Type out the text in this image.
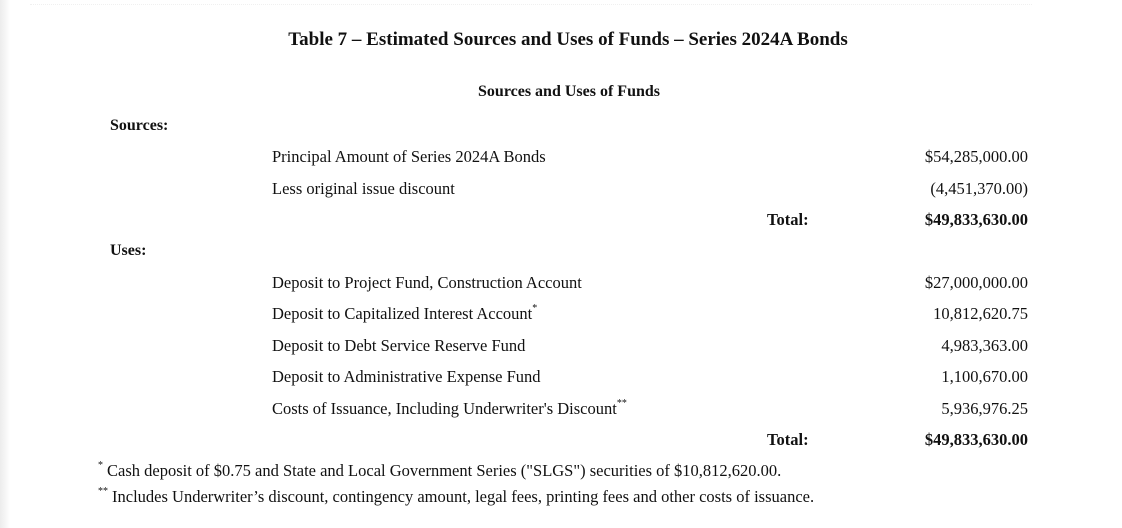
Table 7 – Estimated Sources and Uses of Funds – Series 2024A Bonds
Sources and Uses of Funds
Sources:
Principal Amount of Series 2024A Bonds	$54,285,000.00
Less original issue discount	(4,451,370.00)
Total:	$49,833,630.00
Uses:
Deposit to Project Fund, Construction Account	$27,000,000.00
Deposit to Capitalized Interest Account*	10,812,620.75
Deposit to Debt Service Reserve Fund	4,983,363.00
Deposit to Administrative Expense Fund	1,100,670.00
Costs of Issuance, Including Underwriter's Discount**	5,936,976.25
Total:	$49,833,630.00
* Cash deposit of $0.75 and State and Local Government Series ("SLGS") securities of $10,812,620.00.
** Includes Underwriter’s discount, contingency amount, legal fees, printing fees and other costs of issuance.
